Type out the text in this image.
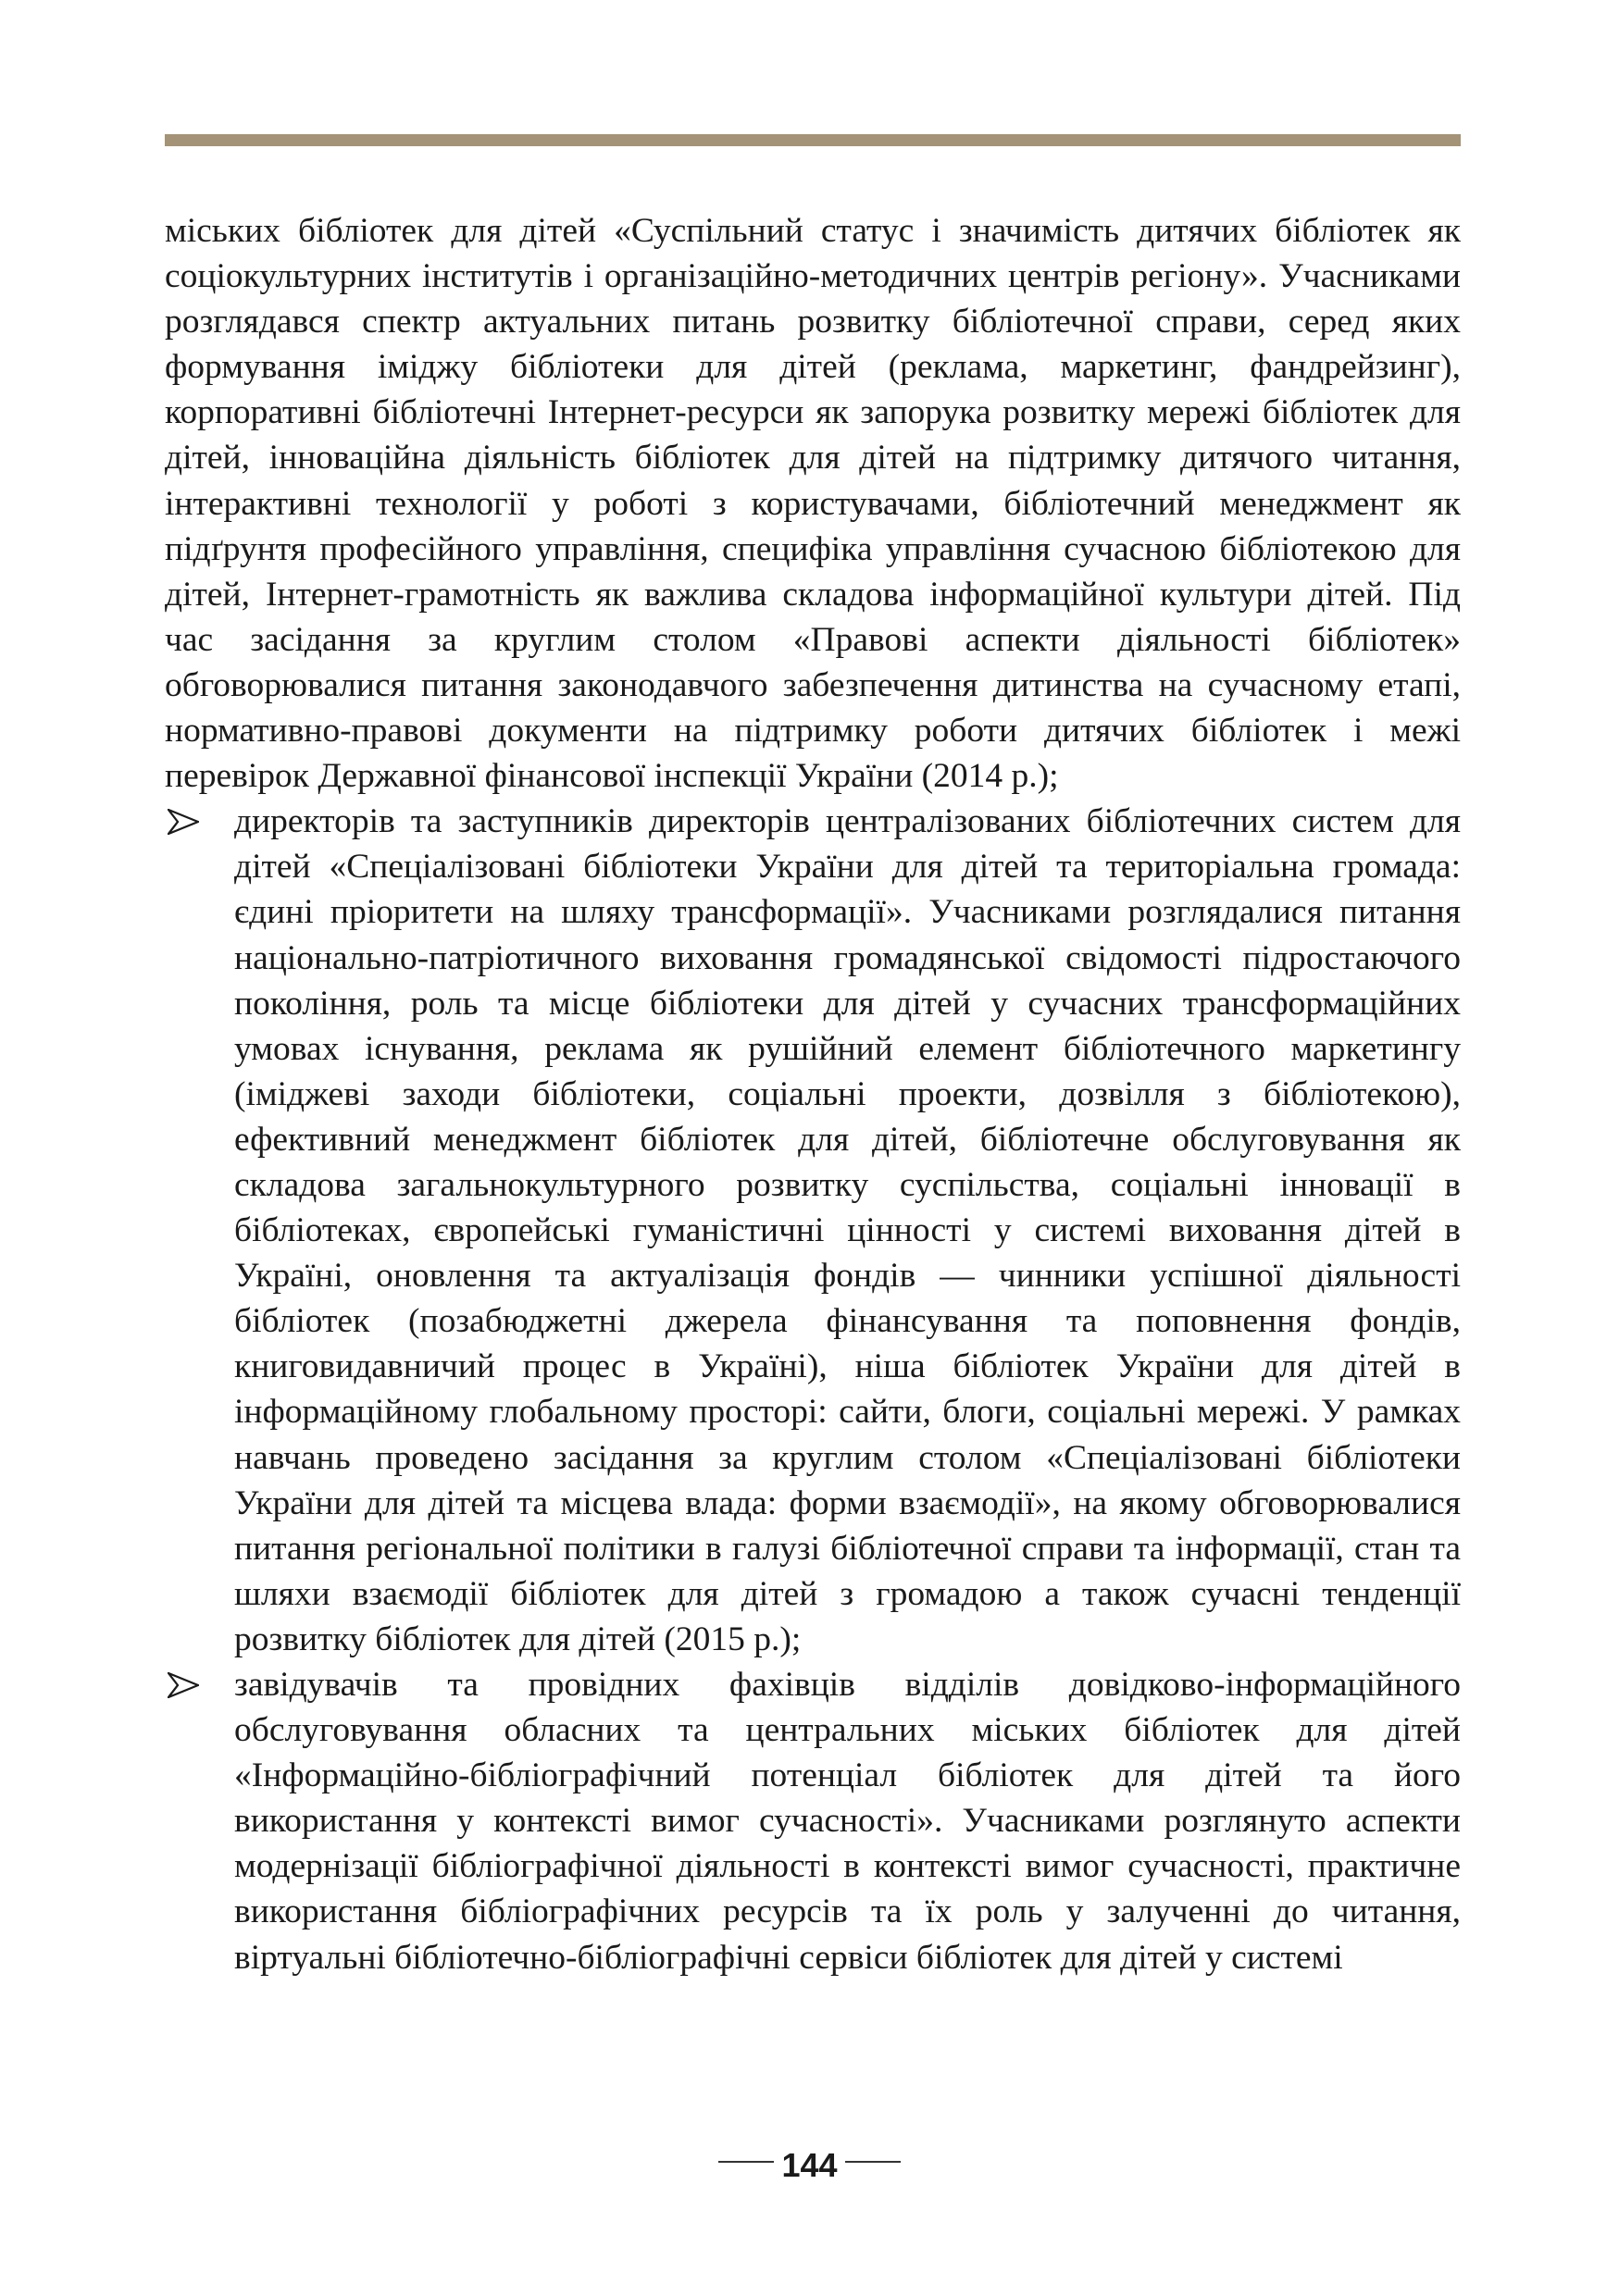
міських бібліотек для дітей «Суспільний статус і значимість дитячих бібліотек як соціокультурних інститутів і організаційно-методичних центрів регіону». Учасниками розглядався спектр актуальних питань розвитку бібліотечної справи, серед яких формування іміджу бібліотеки для дітей (реклама, маркетинг, фандрейзинг), корпоративні бібліотечні Інтернет-ресурси як запорука розвитку мережі бібліотек для дітей, інноваційна діяльність бібліотек для дітей на підтримку дитячого читання, інтерактивні технології у роботі з користувачами, бібліотечний менеджмент як підґрунтя професійного управління, специфіка управління сучасною бібліотекою для дітей, Інтернет-грамотність як важлива складова інформаційної культури дітей. Під час засідання за круглим столом «Правові аспекти діяльності бібліотек» обговорювалися питання законодавчого забезпечення дитинства на сучасному етапі, нормативно-правові документи на підтримку роботи дитячих бібліотек і межі перевірок Державної фінансової інспекції України (2014 р.);

директорів та заступників директорів централізованих бібліотечних систем для дітей «Спеціалізовані бібліотеки України для дітей та територіальна громада: єдині пріоритети на шляху трансформації». Учасниками розглядалися питання національно-патріотичного виховання громадянської свідомості підростаючого покоління, роль та місце бібліотеки для дітей у сучасних трансформаційних умовах існування, реклама як рушійний елемент бібліотечного маркетингу (іміджеві заходи бібліотеки, соціальні проекти, дозвілля з бібліотекою), ефективний менеджмент бібліотек для дітей, бібліотечне обслуговування як складова загальнокультурного розвитку суспільства, соціальні інновації в бібліотеках, європейські гуманістичні цінності у системі виховання дітей в Україні, оновлення та актуалізація фондів — чинники успішної діяльності бібліотек (позабюджетні джерела фінансування та поповнення фондів, книговидавничий процес в Україні), ніша бібліотек України для дітей в інформаційному глобальному просторі: сайти, блоги, соціальні мережі. У рамках навчань проведено засідання за круглим столом «Спеціалізовані бібліотеки України для дітей та місцева влада: форми взаємодії», на якому обговорювалися питання регіональної політики в галузі бібліотечної справи та інформації, стан та шляхи взаємодії бібліотек для дітей з громадою а також сучасні тенденції розвитку бібліотек для дітей (2015 р.);

завідувачів та провідних фахівців відділів довідково-інформаційного обслуговування обласних та центральних міських бібліотек для дітей «Інформаційно-бібліографічний потенціал бібліотек для дітей та його використання у контексті вимог сучасності». Учасниками розглянуто аспекти модернізації бібліографічної діяльності в контексті вимог сучасності, практичне використання бібліографічних ресурсів та їх роль у залученні до читання, віртуальні бібліотечно-бібліографічні сервіси бібліотек для дітей у системі

144
